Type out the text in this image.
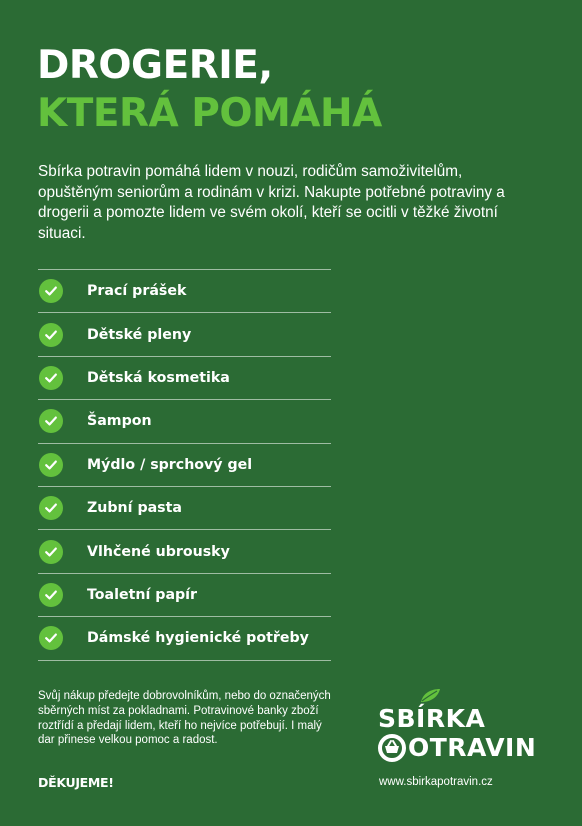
DROGERIE,
KTERÁ POMÁHÁ

Sbírka potravin pomáhá lidem v nouzi, rodičům samoživitelům, opuštěným seniorům a rodinám v krizi. Nakupte potřebné potraviny a drogerii a pomozte lidem ve svém okolí, kteří se ocitli v těžké životní situaci.

Prací prášek
Dětské pleny
Dětská kosmetika
Šampon
Mýdlo / sprchový gel
Zubní pasta
Vlhčené ubrousky
Toaletní papír
Dámské hygienické potřeby

Svůj nákup předejte dobrovolníkům, nebo do označených sběrných míst za pokladnami. Potravinové banky zboží roztřídí a předají lidem, kteří ho nejvíce potřebují. I malý dar přinese velkou pomoc a radost.

DĚKUJEME!

SBÍRKA
OTRAVIN

www.sbirkapotravin.cz
